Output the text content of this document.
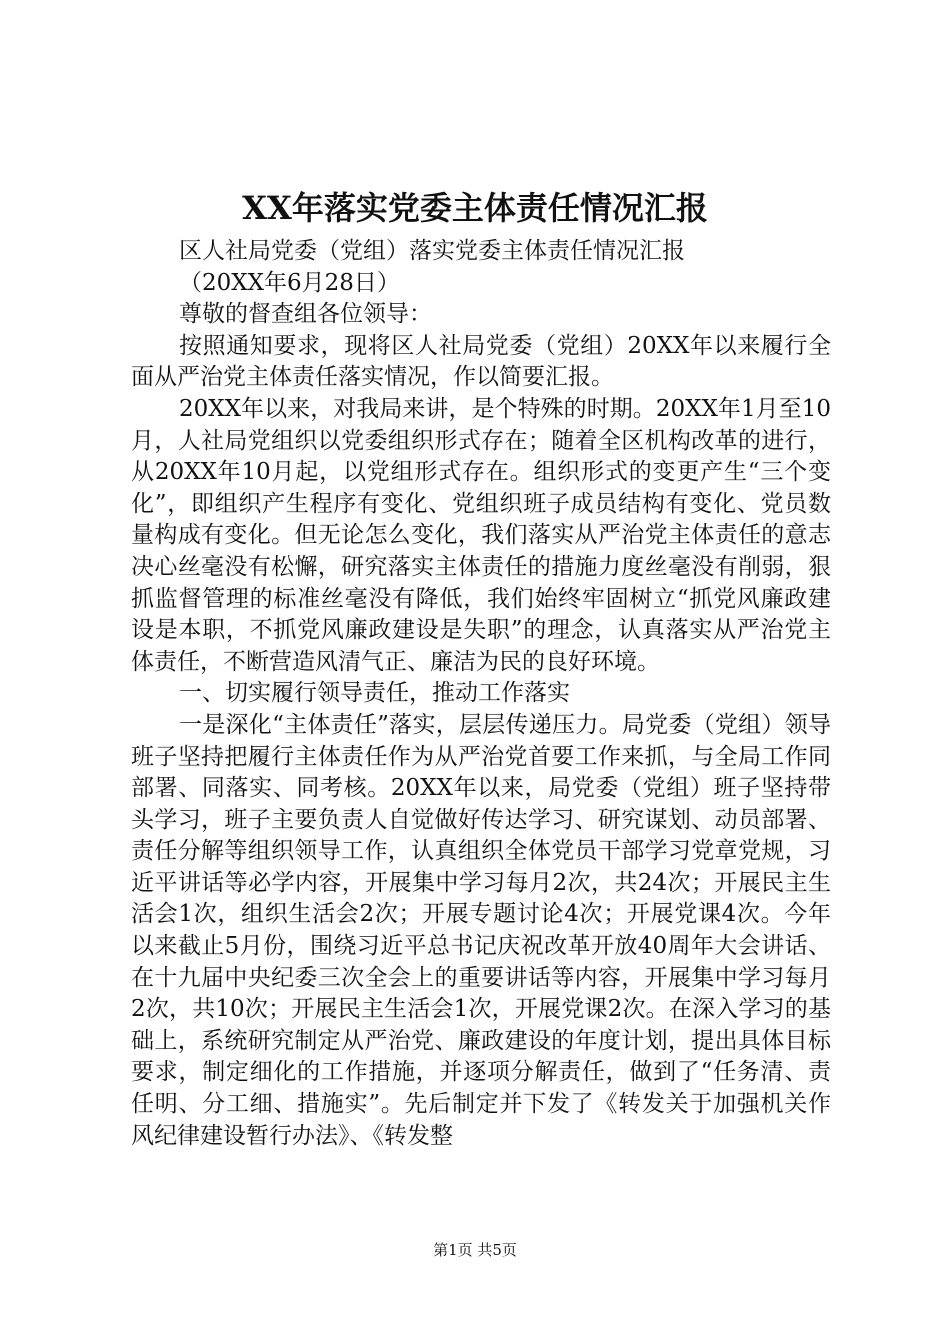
XX年落实党委主体责任情况汇报

区人社局党委（党组）落实党委主体责任情况汇报

（20XX年6月28日）

尊敬的督查组各位领导：

按照通知要求，现将区人社局党委（党组）20XX年以来履行全面从严治党主体责任落实情况，作以简要汇报。

20XX年以来，对我局来讲，是个特殊的时期。20XX年1月至10月，人社局党组织以党委组织形式存在；随着全区机构改革的进行，从20XX年10月起，以党组形式存在。组织形式的变更产生“三个变化”，即组织产生程序有变化、党组织班子成员结构有变化、党员数量构成有变化。但无论怎么变化，我们落实从严治党主体责任的意志决心丝毫没有松懈，研究落实主体责任的措施力度丝毫没有削弱，狠抓监督管理的标准丝毫没有降低，我们始终牢固树立“抓党风廉政建设是本职，不抓党风廉政建设是失职”的理念，认真落实从严治党主体责任，不断营造风清气正、廉洁为民的良好环境。

一、切实履行领导责任，推动工作落实

一是深化“主体责任”落实，层层传递压力。局党委（党组）领导班子坚持把履行主体责任作为从严治党首要工作来抓，与全局工作同部署、同落实、同考核。20XX年以来，局党委（党组）班子坚持带头学习，班子主要负责人自觉做好传达学习、研究谋划、动员部署、责任分解等组织领导工作，认真组织全体党员干部学习党章党规，习近平讲话等必学内容，开展集中学习每月2次，共24次；开展民主生活会1次，组织生活会2次；开展专题讨论4次；开展党课4次。今年以来截止5月份，围绕习近平总书记庆祝改革开放40周年大会讲话、在十九届中央纪委三次全会上的重要讲话等内容，开展集中学习每月2次，共10次；开展民主生活会1次，开展党课2次。在深入学习的基础上，系统研究制定从严治党、廉政建设的年度计划，提出具体目标要求，制定细化的工作措施，并逐项分解责任，做到了“任务清、责任明、分工细、措施实”。先后制定并下发了《转发关于加强机关作风纪律建设暂行办法》、《转发整

第1页 共5页
